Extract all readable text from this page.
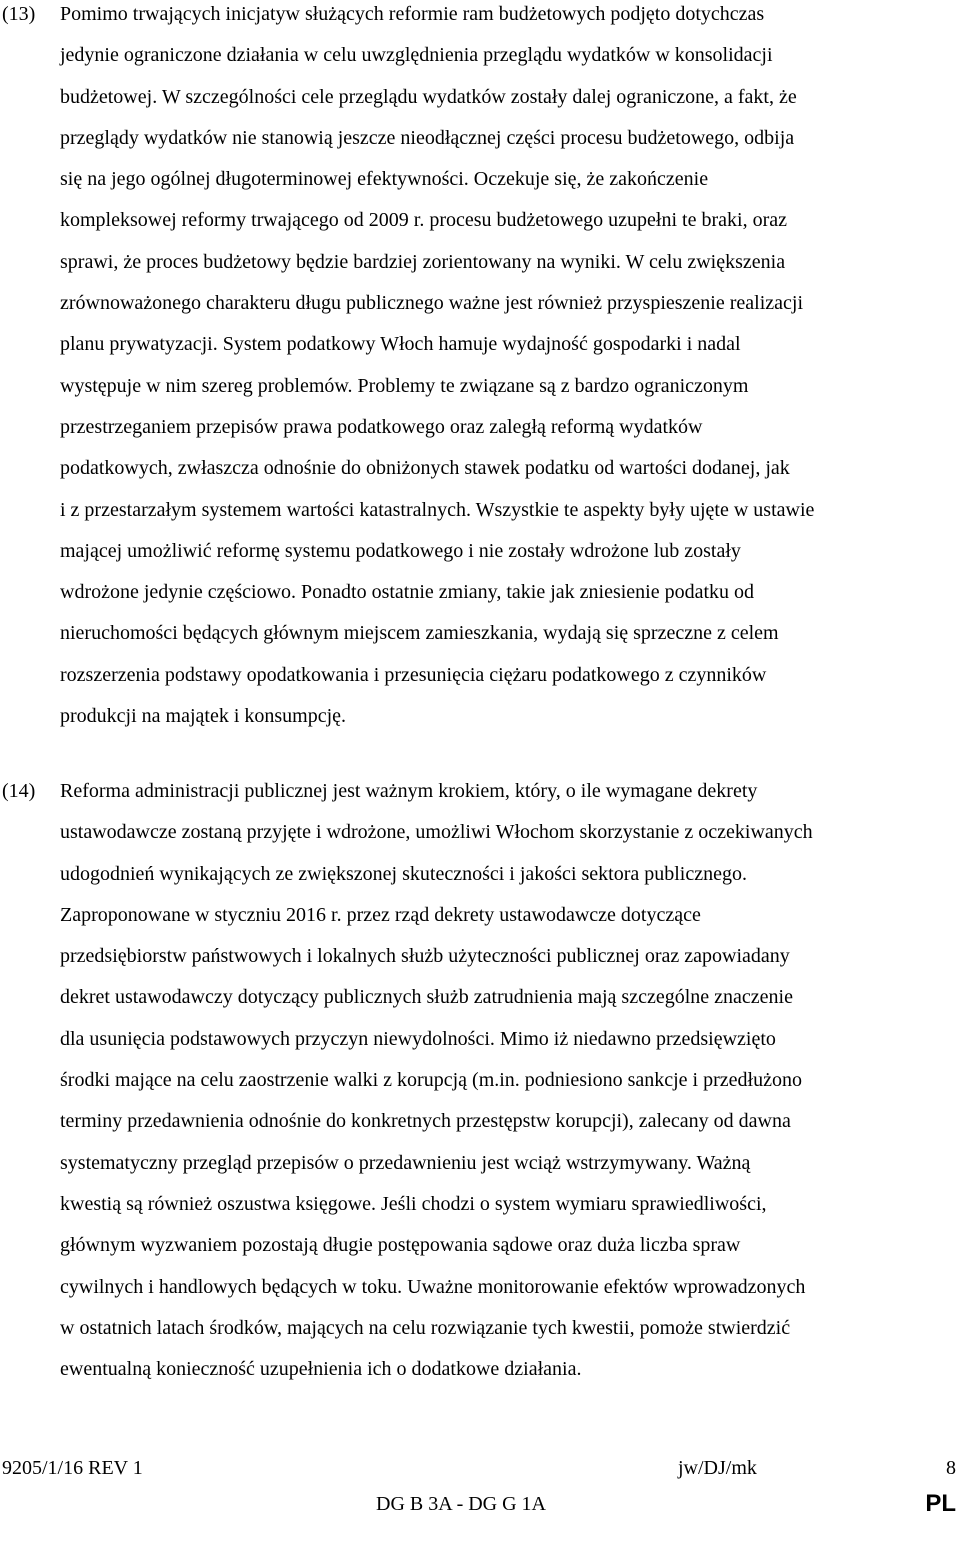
(13) Pomimo trwających inicjatyw służących reformie ram budżetowych podjęto dotychczas
jedynie ograniczone działania w celu uwzględnienia przeglądu wydatków w konsolidacji
budżetowej. W szczególności cele przeglądu wydatków zostały dalej ograniczone, a fakt, że
przeglądy wydatków nie stanowią jeszcze nieodłącznej części procesu budżetowego, odbija
się na jego ogólnej długoterminowej efektywności. Oczekuje się, że zakończenie
kompleksowej reformy trwającego od 2009 r. procesu budżetowego uzupełni te braki, oraz
sprawi, że proces budżetowy będzie bardziej zorientowany na wyniki. W celu zwiększenia
zrównoważonego charakteru długu publicznego ważne jest również przyspieszenie realizacji
planu prywatyzacji. System podatkowy Włoch hamuje wydajność gospodarki i nadal
występuje w nim szereg problemów. Problemy te związane są z bardzo ograniczonym
przestrzeganiem przepisów prawa podatkowego oraz zaległą reformą wydatków
podatkowych, zwłaszcza odnośnie do obniżonych stawek podatku od wartości dodanej, jak
i z przestarzałym systemem wartości katastralnych. Wszystkie te aspekty były ujęte w ustawie
mającej umożliwić reformę systemu podatkowego i nie zostały wdrożone lub zostały
wdrożone jedynie częściowo. Ponadto ostatnie zmiany, takie jak zniesienie podatku od
nieruchomości będących głównym miejscem zamieszkania, wydają się sprzeczne z celem
rozszerzenia podstawy opodatkowania i przesunięcia ciężaru podatkowego z czynników
produkcji na majątek i konsumpcję.
(14) Reforma administracji publicznej jest ważnym krokiem, który, o ile wymagane dekrety
ustawodawcze zostaną przyjęte i wdrożone, umożliwi Włochom skorzystanie z oczekiwanych
udogodnień wynikających ze zwiększonej skuteczności i jakości sektora publicznego.
Zaproponowane w styczniu 2016 r. przez rząd dekrety ustawodawcze dotyczące
przedsiębiorstw państwowych i lokalnych służb użyteczności publicznej oraz zapowiadany
dekret ustawodawczy dotyczący publicznych służb zatrudnienia mają szczególne znaczenie
dla usunięcia podstawowych przyczyn niewydolności. Mimo iż niedawno przedsięwzięto
środki mające na celu zaostrzenie walki z korupcją (m.in. podniesiono sankcje i przedłużono
terminy przedawnienia odnośnie do konkretnych przestępstw korupcji), zalecany od dawna
systematyczny przegląd przepisów o przedawnieniu jest wciąż wstrzymywany. Ważną
kwestią są również oszustwa księgowe. Jeśli chodzi o system wymiaru sprawiedliwości,
głównym wyzwaniem pozostają długie postępowania sądowe oraz duża liczba spraw
cywilnych i handlowych będących w toku. Uważne monitorowanie efektów wprowadzonych
w ostatnich latach środków, mających na celu rozwiązanie tych kwestii, pomoże stwierdzić
ewentualną konieczność uzupełnienia ich o dodatkowe działania.
9205/1/16 REV 1	jw/DJ/mk	8
DG B 3A - DG G 1A	PL
